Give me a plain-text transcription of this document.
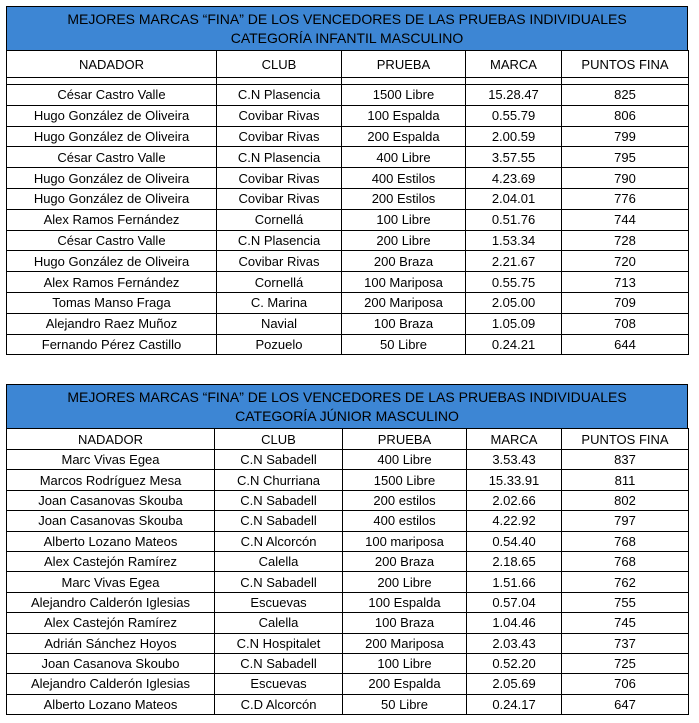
MEJORES MARCAS “FINA” DE LOS VENCEDORES DE LAS PRUEBAS INDIVIDUALES
CATEGORÍA INFANTIL MASCULINO
NADADOR	CLUB	PRUEBA	MARCA	PUNTOS FINA

César Castro Valle	C.N Plasencia	1500 Libre	15.28.47	825
Hugo González de Oliveira	Covibar Rivas	100 Espalda	0.55.79	806
Hugo González de Oliveira	Covibar Rivas	200 Espalda	2.00.59	799
César Castro Valle	C.N Plasencia	400 Libre	3.57.55	795
Hugo González de Oliveira	Covibar Rivas	400 Estilos	4.23.69	790
Hugo González de Oliveira	Covibar Rivas	200 Estilos	2.04.01	776
Alex Ramos Fernández	Cornellá	100 Libre	0.51.76	744
César Castro Valle	C.N Plasencia	200 Libre	1.53.34	728
Hugo González de Oliveira	Covibar Rivas	200 Braza	2.21.67	720
Alex Ramos Fernández	Cornellá	100 Mariposa	0.55.75	713
Tomas Manso Fraga	C. Marina	200 Mariposa	2.05.00	709
Alejandro Raez Muñoz	Navial	100 Braza	1.05.09	708
Fernando Pérez Castillo	Pozuelo	50 Libre	0.24.21	644
MEJORES MARCAS “FINA” DE LOS VENCEDORES DE LAS PRUEBAS INDIVIDUALES
CATEGORÍA JÚNIOR MASCULINO
NADADOR	CLUB	PRUEBA	MARCA	PUNTOS FINA
Marc Vivas Egea	C.N Sabadell	400 Libre	3.53.43	837
Marcos Rodríguez Mesa	C.N Churriana	1500 Libre	15.33.91	811
Joan Casanovas Skouba	C.N Sabadell	200 estilos	2.02.66	802
Joan Casanovas Skouba	C.N Sabadell	400 estilos	4.22.92	797
Alberto Lozano Mateos	C.N Alcorcón	100 mariposa	0.54.40	768
Alex Castejón Ramírez	Calella	200 Braza	2.18.65	768
Marc Vivas Egea	C.N Sabadell	200 Libre	1.51.66	762
Alejandro Calderón Iglesias	Escuevas	100 Espalda	0.57.04	755
Alex Castejón Ramírez	Calella	100 Braza	1.04.46	745
Adrián Sánchez Hoyos	C.N Hospitalet	200 Mariposa	2.03.43	737
Joan Casanova Skoubo	C.N Sabadell	100 Libre	0.52.20	725
Alejandro Calderón Iglesias	Escuevas	200 Espalda	2.05.69	706
Alberto Lozano Mateos	C.D Alcorcón	50 Libre	0.24.17	647
